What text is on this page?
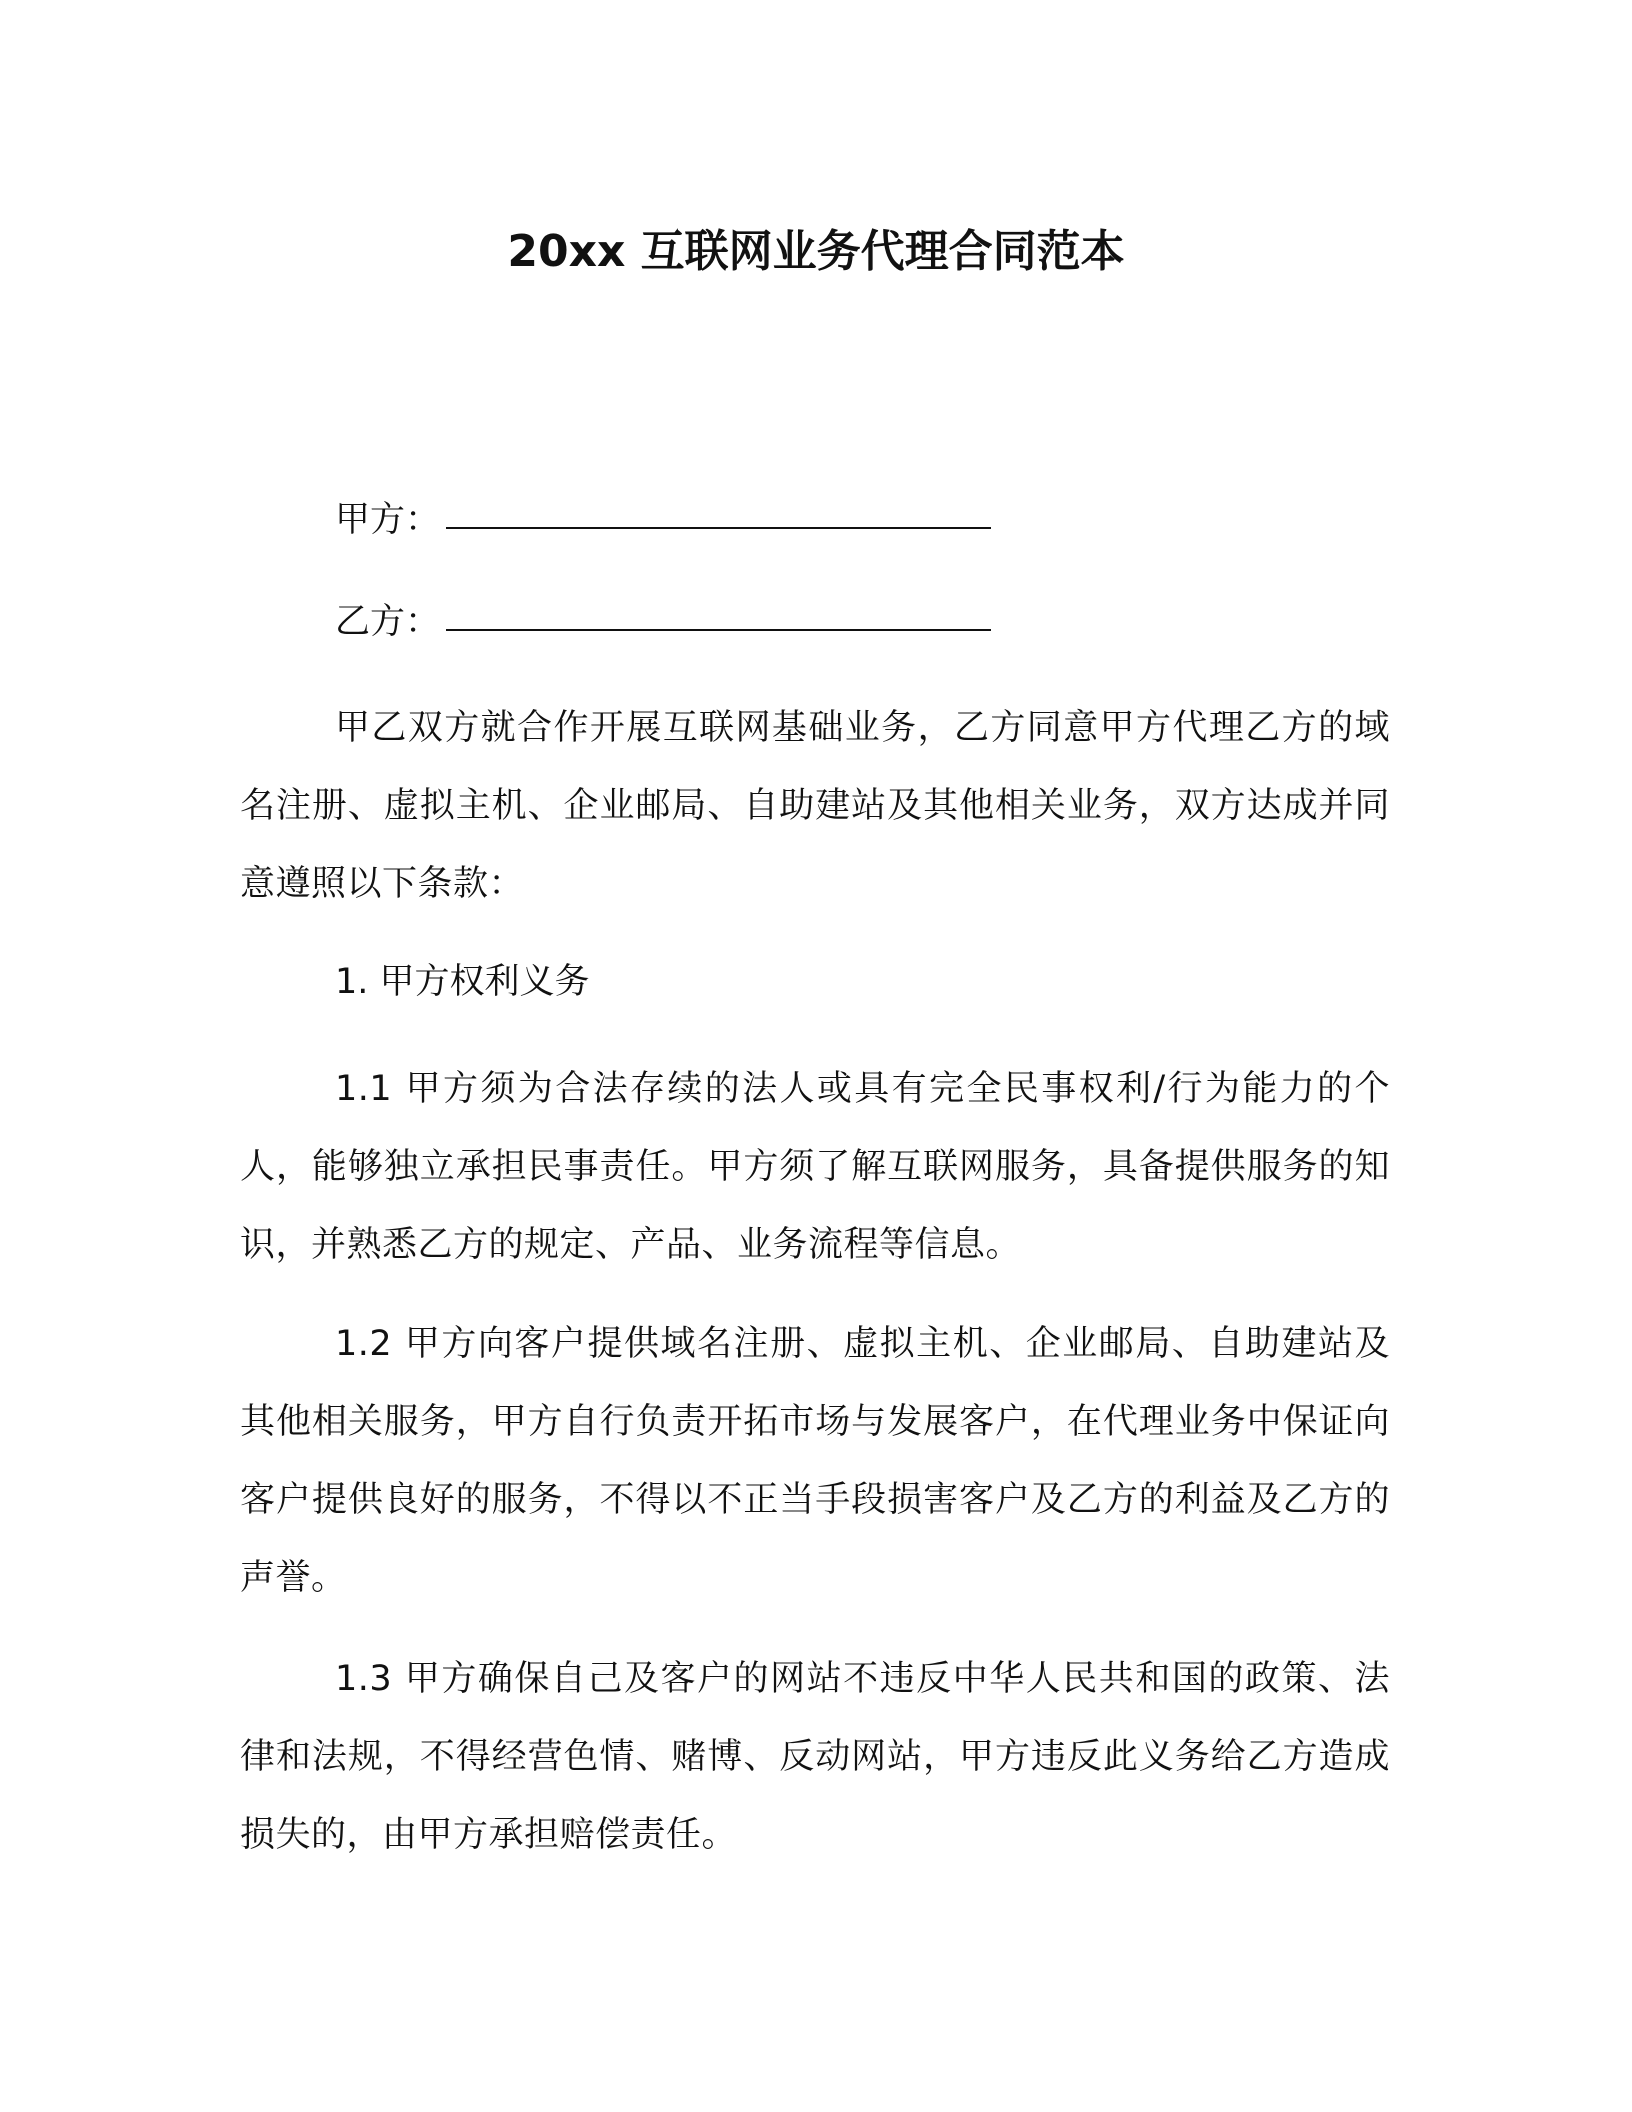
20xx 互联网业务代理合同范本
甲方：
乙方：

甲乙双方就合作开展互联网基础业务，乙方同意甲方代理乙方的域名注册、虚拟主机、企业邮局、自助建站及其他相关业务，双方达成并同意遵照以下条款：

1. 甲方权利义务

1.1 甲方须为合法存续的法人或具有完全民事权利/行为能力的个人，能够独立承担民事责任。甲方须了解互联网服务，具备提供服务的知识，并熟悉乙方的规定、产品、业务流程等信息。

1.2 甲方向客户提供域名注册、虚拟主机、企业邮局、自助建站及其他相关服务，甲方自行负责开拓市场与发展客户，在代理业务中保证向客户提供良好的服务，不得以不正当手段损害客户及乙方的利益及乙方的声誉。

1.3 甲方确保自己及客户的网站不违反中华人民共和国的政策、法律和法规，不得经营色情、赌博、反动网站，甲方违反此义务给乙方造成损失的，由甲方承担赔偿责任。
